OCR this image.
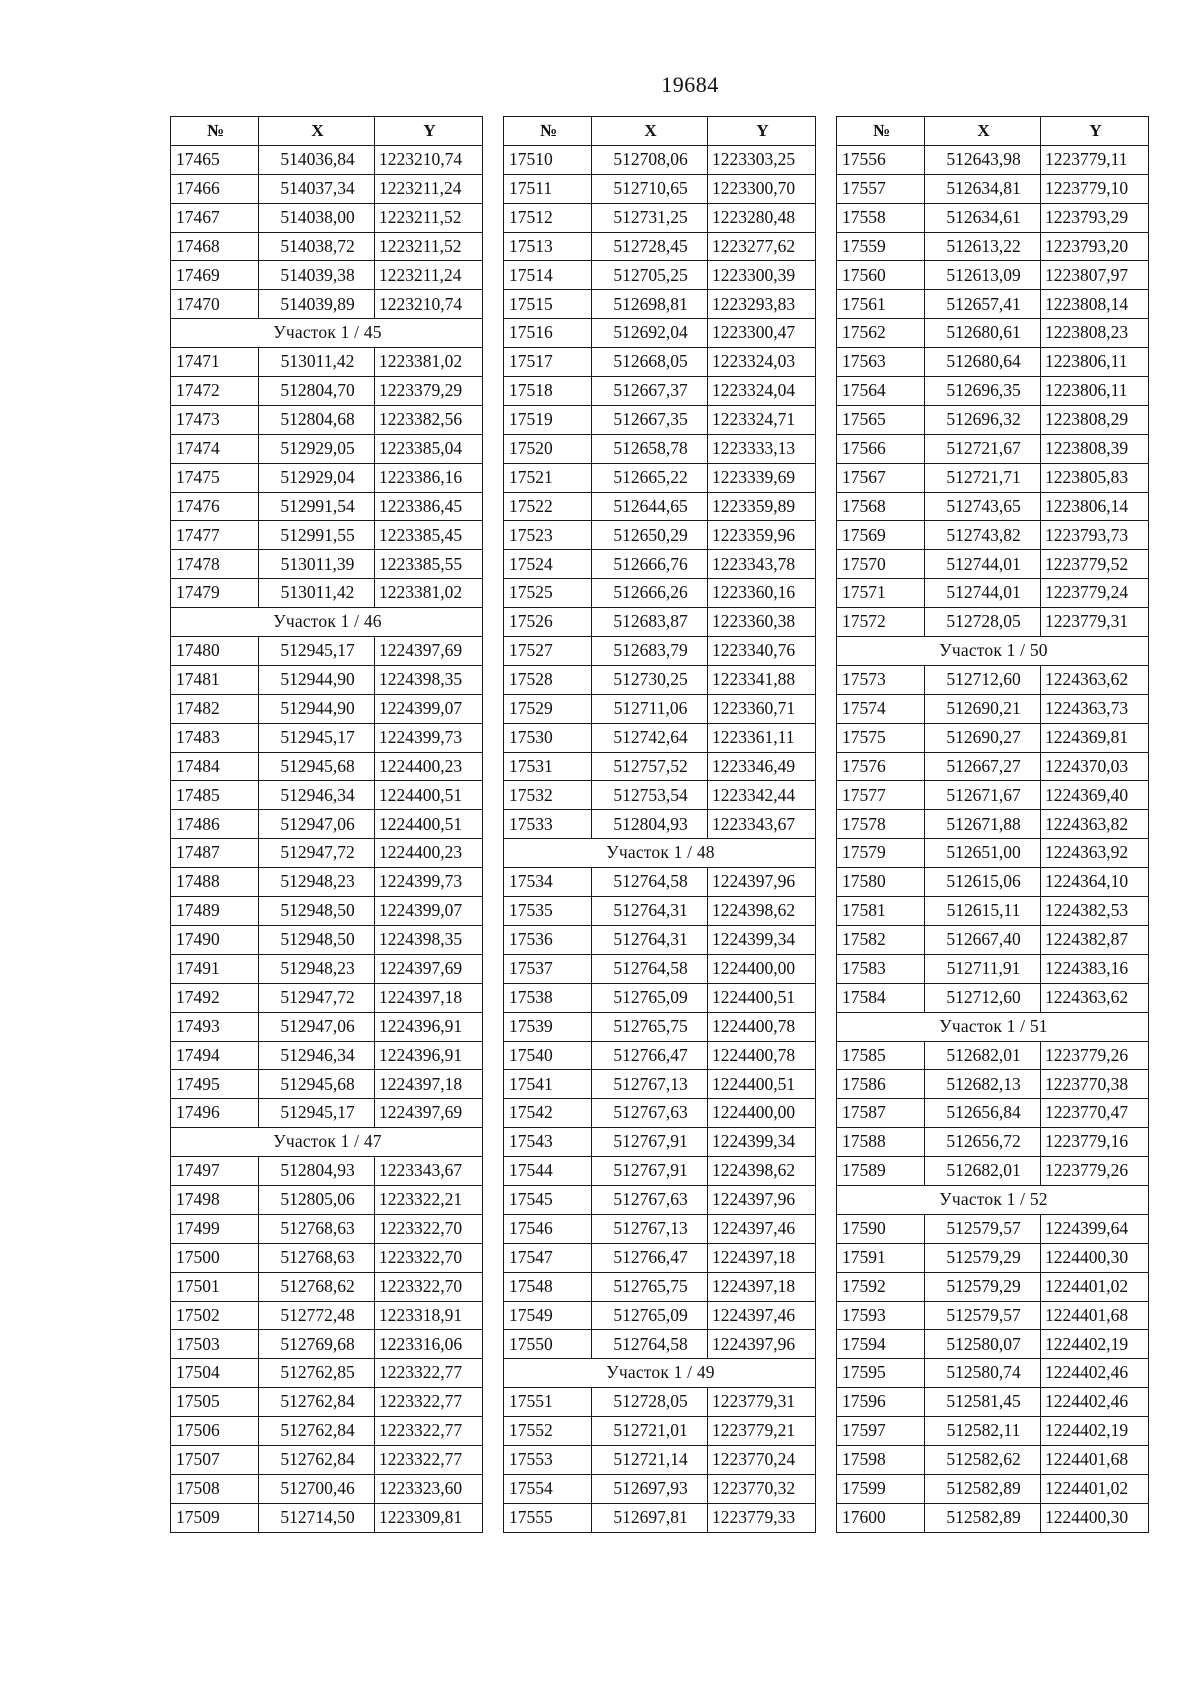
19684
№	X	Y
17465	514036,84	1223210,74
17466	514037,34	1223211,24
17467	514038,00	1223211,52
17468	514038,72	1223211,52
17469	514039,38	1223211,24
17470	514039,89	1223210,74
Участок 1 / 45		
17471	513011,42	1223381,02
17472	512804,70	1223379,29
17473	512804,68	1223382,56
17474	512929,05	1223385,04
17475	512929,04	1223386,16
17476	512991,54	1223386,45
17477	512991,55	1223385,45
17478	513011,39	1223385,55
17479	513011,42	1223381,02
Участок 1 / 46		
17480	512945,17	1224397,69
17481	512944,90	1224398,35
17482	512944,90	1224399,07
17483	512945,17	1224399,73
17484	512945,68	1224400,23
17485	512946,34	1224400,51
17486	512947,06	1224400,51
17487	512947,72	1224400,23
17488	512948,23	1224399,73
17489	512948,50	1224399,07
17490	512948,50	1224398,35
17491	512948,23	1224397,69
17492	512947,72	1224397,18
17493	512947,06	1224396,91
17494	512946,34	1224396,91
17495	512945,68	1224397,18
17496	512945,17	1224397,69
Участок 1 / 47		
17497	512804,93	1223343,67
17498	512805,06	1223322,21
17499	512768,63	1223322,70
17500	512768,63	1223322,70
17501	512768,62	1223322,70
17502	512772,48	1223318,91
17503	512769,68	1223316,06
17504	512762,85	1223322,77
17505	512762,84	1223322,77
17506	512762,84	1223322,77
17507	512762,84	1223322,77
17508	512700,46	1223323,60
17509	512714,50	1223309,81
№	X	Y
17510	512708,06	1223303,25
17511	512710,65	1223300,70
17512	512731,25	1223280,48
17513	512728,45	1223277,62
17514	512705,25	1223300,39
17515	512698,81	1223293,83
17516	512692,04	1223300,47
17517	512668,05	1223324,03
17518	512667,37	1223324,04
17519	512667,35	1223324,71
17520	512658,78	1223333,13
17521	512665,22	1223339,69
17522	512644,65	1223359,89
17523	512650,29	1223359,96
17524	512666,76	1223343,78
17525	512666,26	1223360,16
17526	512683,87	1223360,38
17527	512683,79	1223340,76
17528	512730,25	1223341,88
17529	512711,06	1223360,71
17530	512742,64	1223361,11
17531	512757,52	1223346,49
17532	512753,54	1223342,44
17533	512804,93	1223343,67
Участок 1 / 48		
17534	512764,58	1224397,96
17535	512764,31	1224398,62
17536	512764,31	1224399,34
17537	512764,58	1224400,00
17538	512765,09	1224400,51
17539	512765,75	1224400,78
17540	512766,47	1224400,78
17541	512767,13	1224400,51
17542	512767,63	1224400,00
17543	512767,91	1224399,34
17544	512767,91	1224398,62
17545	512767,63	1224397,96
17546	512767,13	1224397,46
17547	512766,47	1224397,18
17548	512765,75	1224397,18
17549	512765,09	1224397,46
17550	512764,58	1224397,96
Участок 1 / 49		
17551	512728,05	1223779,31
17552	512721,01	1223779,21
17553	512721,14	1223770,24
17554	512697,93	1223770,32
17555	512697,81	1223779,33
№	X	Y
17556	512643,98	1223779,11
17557	512634,81	1223779,10
17558	512634,61	1223793,29
17559	512613,22	1223793,20
17560	512613,09	1223807,97
17561	512657,41	1223808,14
17562	512680,61	1223808,23
17563	512680,64	1223806,11
17564	512696,35	1223806,11
17565	512696,32	1223808,29
17566	512721,67	1223808,39
17567	512721,71	1223805,83
17568	512743,65	1223806,14
17569	512743,82	1223793,73
17570	512744,01	1223779,52
17571	512744,01	1223779,24
17572	512728,05	1223779,31
Участок 1 / 50		
17573	512712,60	1224363,62
17574	512690,21	1224363,73
17575	512690,27	1224369,81
17576	512667,27	1224370,03
17577	512671,67	1224369,40
17578	512671,88	1224363,82
17579	512651,00	1224363,92
17580	512615,06	1224364,10
17581	512615,11	1224382,53
17582	512667,40	1224382,87
17583	512711,91	1224383,16
17584	512712,60	1224363,62
Участок 1 / 51		
17585	512682,01	1223779,26
17586	512682,13	1223770,38
17587	512656,84	1223770,47
17588	512656,72	1223779,16
17589	512682,01	1223779,26
Участок 1 / 52		
17590	512579,57	1224399,64
17591	512579,29	1224400,30
17592	512579,29	1224401,02
17593	512579,57	1224401,68
17594	512580,07	1224402,19
17595	512580,74	1224402,46
17596	512581,45	1224402,46
17597	512582,11	1224402,19
17598	512582,62	1224401,68
17599	512582,89	1224401,02
17600	512582,89	1224400,30
